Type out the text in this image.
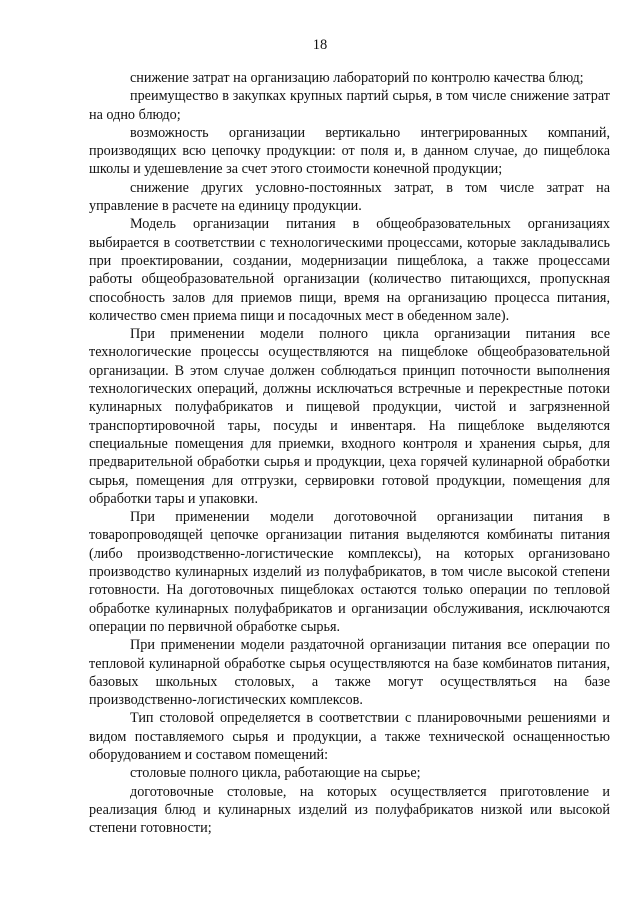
18

снижение затрат на организацию лабораторий по контролю качества блюд;

преимущество в закупках крупных партий сырья, в том числе снижение затрат на одно блюдо;

возможность организации вертикально интегрированных компаний, производящих всю цепочку продукции: от поля и, в данном случае, до пищеблока школы и удешевление за счет этого стоимости конечной продукции;

снижение других условно-постоянных затрат, в том числе затрат на управление в расчете на единицу продукции.

Модель организации питания в общеобразовательных организациях выбирается в соответствии с технологическими процессами, которые закладывались при проектировании, создании, модернизации пищеблока, а также процессами работы общеобразовательной организации (количество питающихся, пропускная способность залов для приемов пищи, время на организацию процесса питания, количество смен приема пищи и посадочных мест в обеденном зале).

При применении модели полного цикла организации питания все технологические процессы осуществляются на пищеблоке общеобразовательной организации. В этом случае должен соблюдаться принцип поточности выполнения технологических операций, должны исключаться встречные и перекрестные потоки кулинарных полуфабрикатов и пищевой продукции, чистой и загрязненной транспортировочной тары, посуды и инвентаря. На пищеблоке выделяются специальные помещения для приемки, входного контроля и хранения сырья, для предварительной обработки сырья и продукции, цеха горячей кулинарной обработки сырья, помещения для отгрузки, сервировки готовой продукции, помещения для обработки тары и упаковки.

При применении модели доготовочной организации питания в товаропроводящей цепочке организации питания выделяются комбинаты питания (либо производственно-логистические комплексы), на которых организовано производство кулинарных изделий из полуфабрикатов, в том числе высокой степени готовности. На доготовочных пищеблоках остаются только операции по тепловой обработке кулинарных полуфабрикатов и организации обслуживания, исключаются операции по первичной обработке сырья.

При применении модели раздаточной организации питания все операции по тепловой кулинарной обработке сырья осуществляются на базе комбинатов питания, базовых школьных столовых, а также могут осуществляться на базе производственно-логистических комплексов.

Тип столовой определяется в соответствии с планировочными решениями и видом поставляемого сырья и продукции, а также технической оснащенностью оборудованием и составом помещений:

столовые полного цикла, работающие на сырье;

доготовочные столовые, на которых осуществляется приготовление и реализация блюд и кулинарных изделий из полуфабрикатов низкой или высокой степени готовности;
